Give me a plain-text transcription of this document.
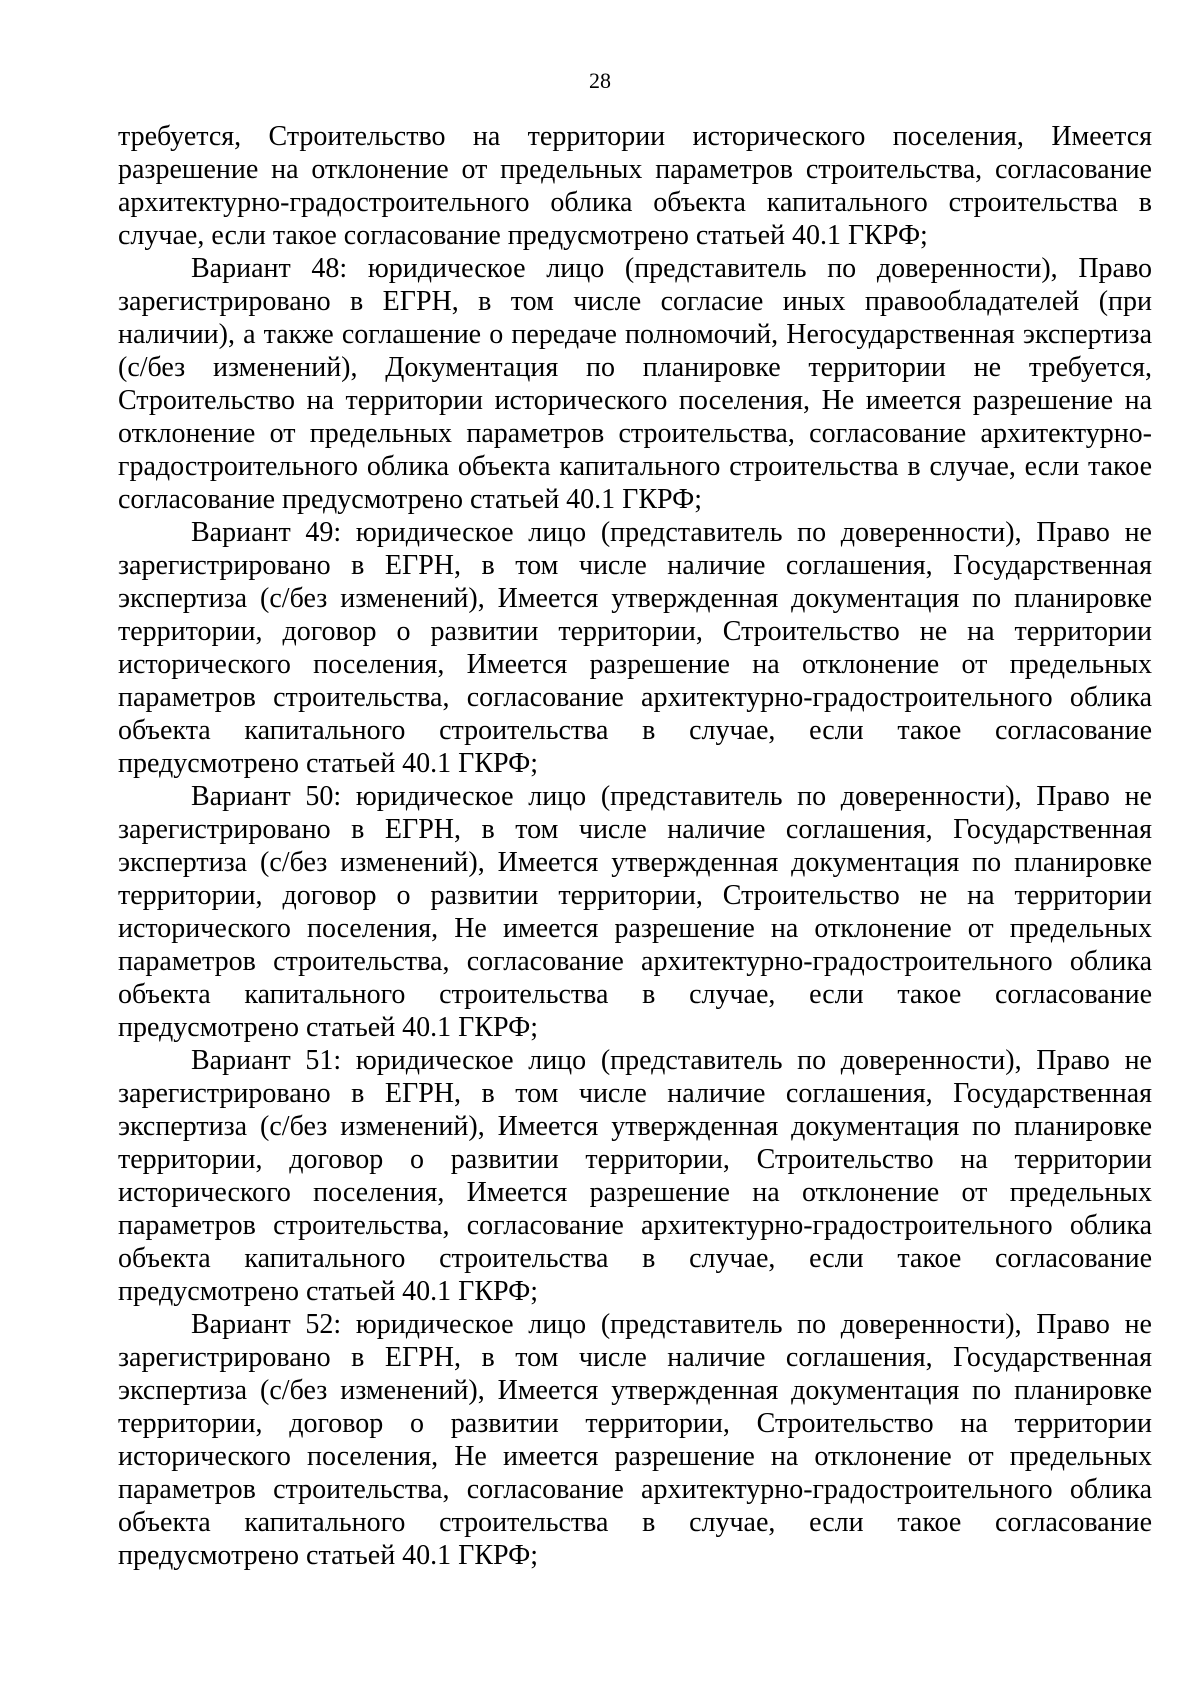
28

требуется, Строительство на территории исторического поселения, Имеется разрешение на отклонение от предельных параметров строительства, согласование архитектурно-градостроительного облика объекта капитального строительства в случае, если такое согласование предусмотрено статьей 40.1 ГКРФ;

Вариант 48: юридическое лицо (представитель по доверенности), Право зарегистрировано в ЕГРН, в том числе согласие иных правообладателей (при наличии), а также соглашение о передаче полномочий, Негосударственная экспертиза (с/без изменений), Документация по планировке территории не требуется, Строительство на территории исторического поселения, Не имеется разрешение на отклонение от предельных параметров строительства, согласование архитектурно-градостроительного облика объекта капитального строительства в случае, если такое согласование предусмотрено статьей 40.1 ГКРФ;

Вариант 49: юридическое лицо (представитель по доверенности), Право не зарегистрировано в ЕГРН, в том числе наличие соглашения, Государственная экспертиза (с/без изменений), Имеется утвержденная документация по планировке территории, договор о развитии территории, Строительство не на территории исторического поселения, Имеется разрешение на отклонение от предельных параметров строительства, согласование архитектурно-градостроительного облика объекта капитального строительства в случае, если такое согласование предусмотрено статьей 40.1 ГКРФ;

Вариант 50: юридическое лицо (представитель по доверенности), Право не зарегистрировано в ЕГРН, в том числе наличие соглашения, Государственная экспертиза (с/без изменений), Имеется утвержденная документация по планировке территории, договор о развитии территории, Строительство не на территории исторического поселения, Не имеется разрешение на отклонение от предельных параметров строительства, согласование архитектурно-градостроительного облика объекта капитального строительства в случае, если такое согласование предусмотрено статьей 40.1 ГКРФ;

Вариант 51: юридическое лицо (представитель по доверенности), Право не зарегистрировано в ЕГРН, в том числе наличие соглашения, Государственная экспертиза (с/без изменений), Имеется утвержденная документация по планировке территории, договор о развитии территории, Строительство на территории исторического поселения, Имеется разрешение на отклонение от предельных параметров строительства, согласование архитектурно-градостроительного облика объекта капитального строительства в случае, если такое согласование предусмотрено статьей 40.1 ГКРФ;

Вариант 52: юридическое лицо (представитель по доверенности), Право не зарегистрировано в ЕГРН, в том числе наличие соглашения, Государственная экспертиза (с/без изменений), Имеется утвержденная документация по планировке территории, договор о развитии территории, Строительство на территории исторического поселения, Не имеется разрешение на отклонение от предельных параметров строительства, согласование архитектурно-градостроительного облика объекта капитального строительства в случае, если такое согласование предусмотрено статьей 40.1 ГКРФ;
